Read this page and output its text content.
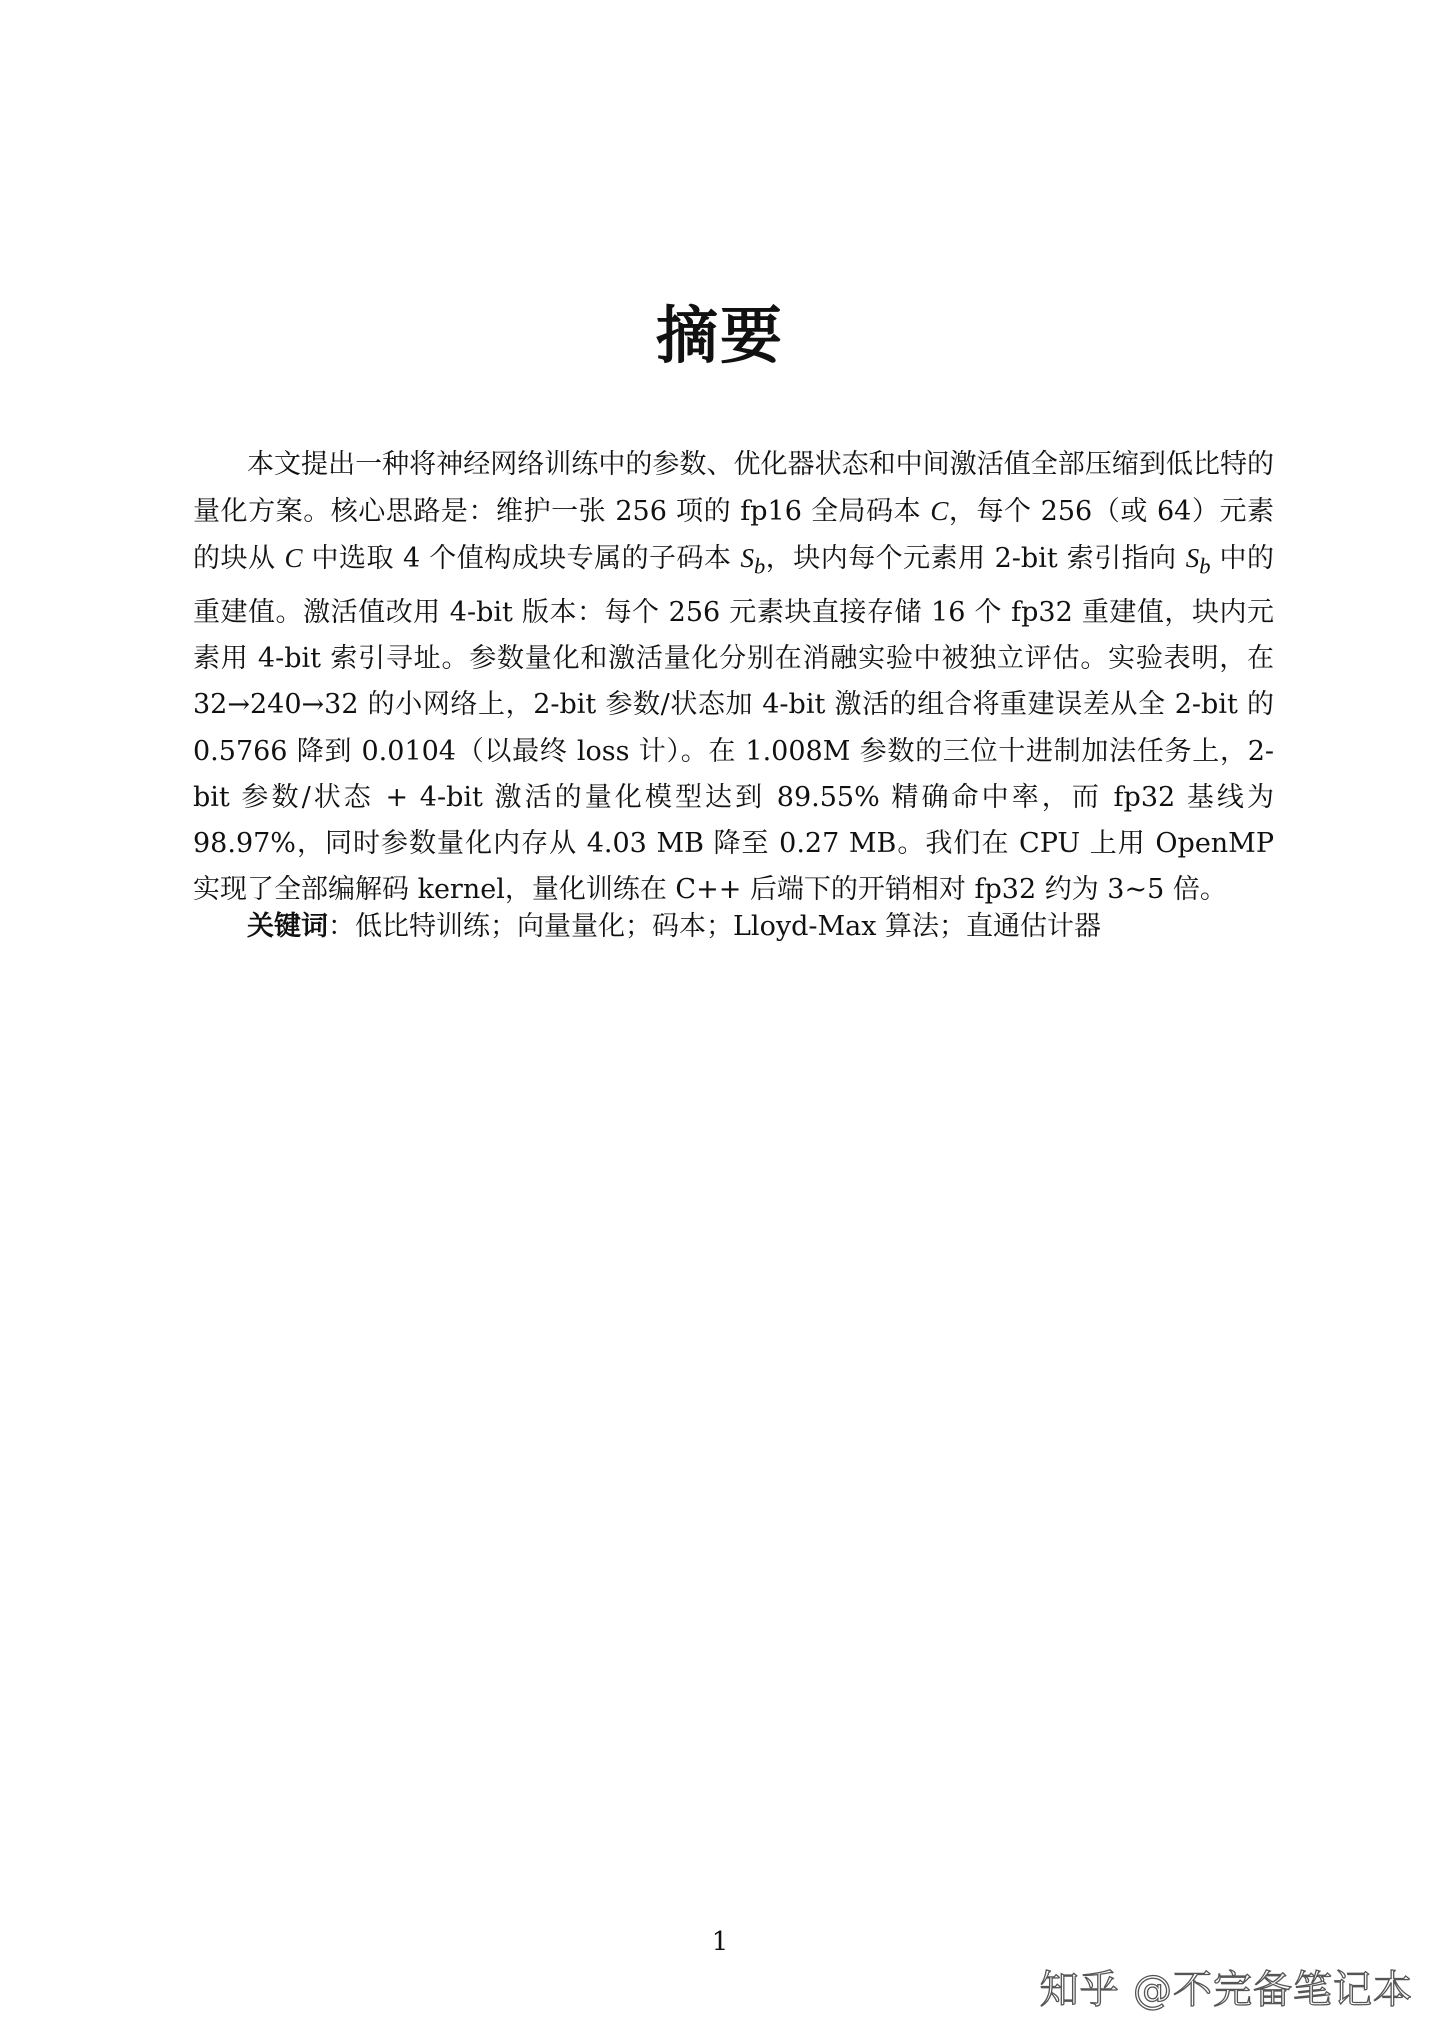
摘要

本文提出一种将神经网络训练中的参数、优化器状态和中间激活值全部压缩到低比特的量化方案。核心思路是：维护一张 256 项的 fp16 全局码本 C，每个 256（或 64）元素的块从 C 中选取 4 个值构成块专属的子码本 $S_b$，块内每个元素用 2-bit 索引指向 $S_b$ 中的重建值。激活值改用 4-bit 版本：每个 256 元素块直接存储 16 个 fp32 重建值，块内元素用 4-bit 索引寻址。参数量化和激活量化分别在消融实验中被独立评估。实验表明，在 32→240→32 的小网络上，2-bit 参数/状态加 4-bit 激活的组合将重建误差从全 2-bit 的 0.5766 降到 0.0104（以最终 loss 计）。在 1.008M 参数的三位十进制加法任务上，2-bit 参数/状态 + 4-bit 激活的量化模型达到 89.55% 精确命中率，而 fp32 基线为 98.97%，同时参数量化内存从 4.03 MB 降至 0.27 MB。我们在 CPU 上用 OpenMP 实现了全部编解码 kernel，量化训练在 C++ 后端下的开销相对 fp32 约为 3~5 倍。

关键词：低比特训练；向量量化；码本；Lloyd-Max 算法；直通估计器

1
知乎 @不完备笔记本
